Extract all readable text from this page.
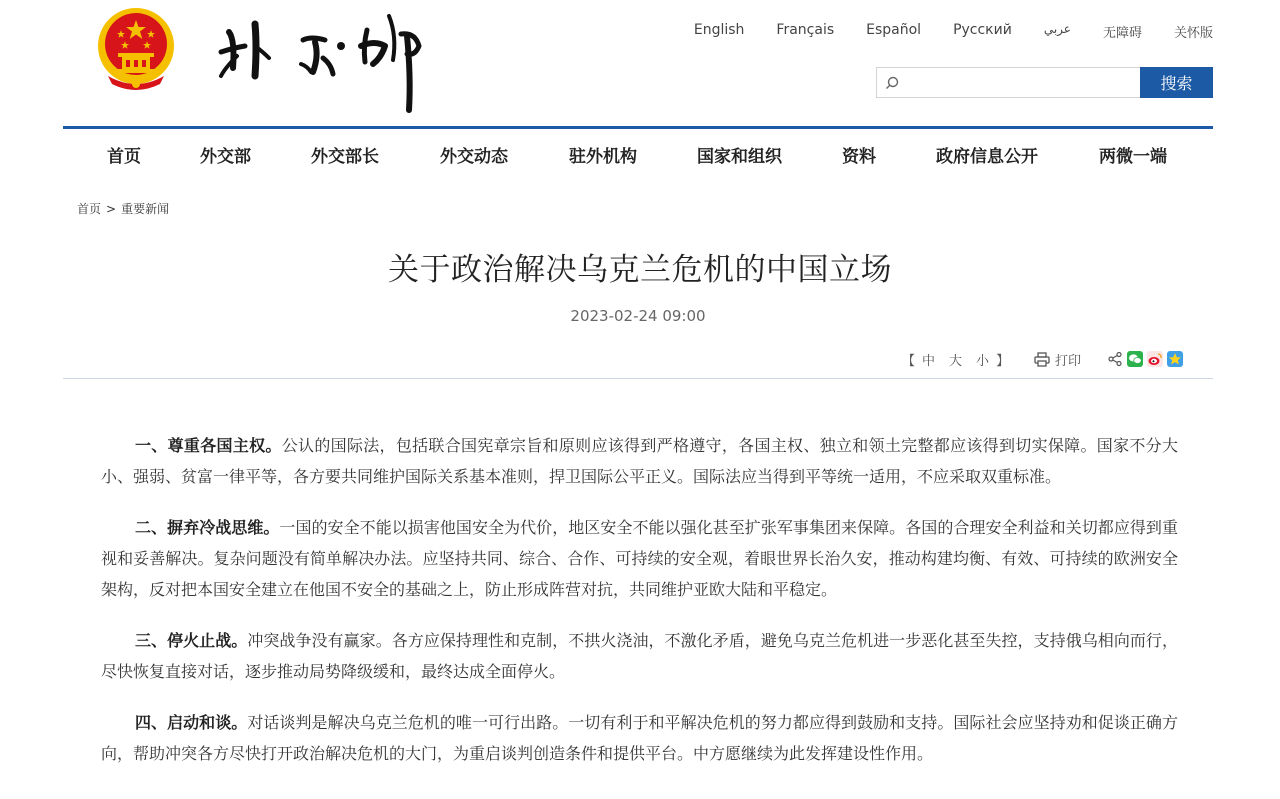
English Français Español Русский	عربي 无障碍 关怀版
搜索
首页	外交部	外交部长	外交动态	驻外机构	国家和组织	资料	政府信息公开	两微一端
首页 > 重要新闻
关于政治解决乌克兰危机的中国立场
2023-02-24 09:00
【 中 大 小 】	打印

一、尊重各国主权。公认的国际法，包括联合国宪章宗旨和原则应该得到严格遵守，各国主权、独立和领土完整都应该得到切实保障。国家不分大小、强弱、贫富一律平等，各方要共同维护国际关系基本准则，捍卫国际公平正义。国际法应当得到平等统一适用，不应采取双重标准。

二、摒弃冷战思维。一国的安全不能以损害他国安全为代价，地区安全不能以强化甚至扩张军事集团来保障。各国的合理安全利益和关切都应得到重视和妥善解决。复杂问题没有简单解决办法。应坚持共同、综合、合作、可持续的安全观，着眼世界长治久安，推动构建均衡、有效、可持续的欧洲安全架构，反对把本国安全建立在他国不安全的基础之上，防止形成阵营对抗，共同维护亚欧大陆和平稳定。

三、停火止战。冲突战争没有赢家。各方应保持理性和克制，不拱火浇油，不激化矛盾，避免乌克兰危机进一步恶化甚至失控，支持俄乌相向而行，尽快恢复直接对话，逐步推动局势降级缓和，最终达成全面停火。

四、启动和谈。对话谈判是解决乌克兰危机的唯一可行出路。一切有利于和平解决危机的努力都应得到鼓励和支持。国际社会应坚持劝和促谈正确方向，帮助冲突各方尽快打开政治解决危机的大门，为重启谈判创造条件和提供平台。中方愿继续为此发挥建设性作用。
